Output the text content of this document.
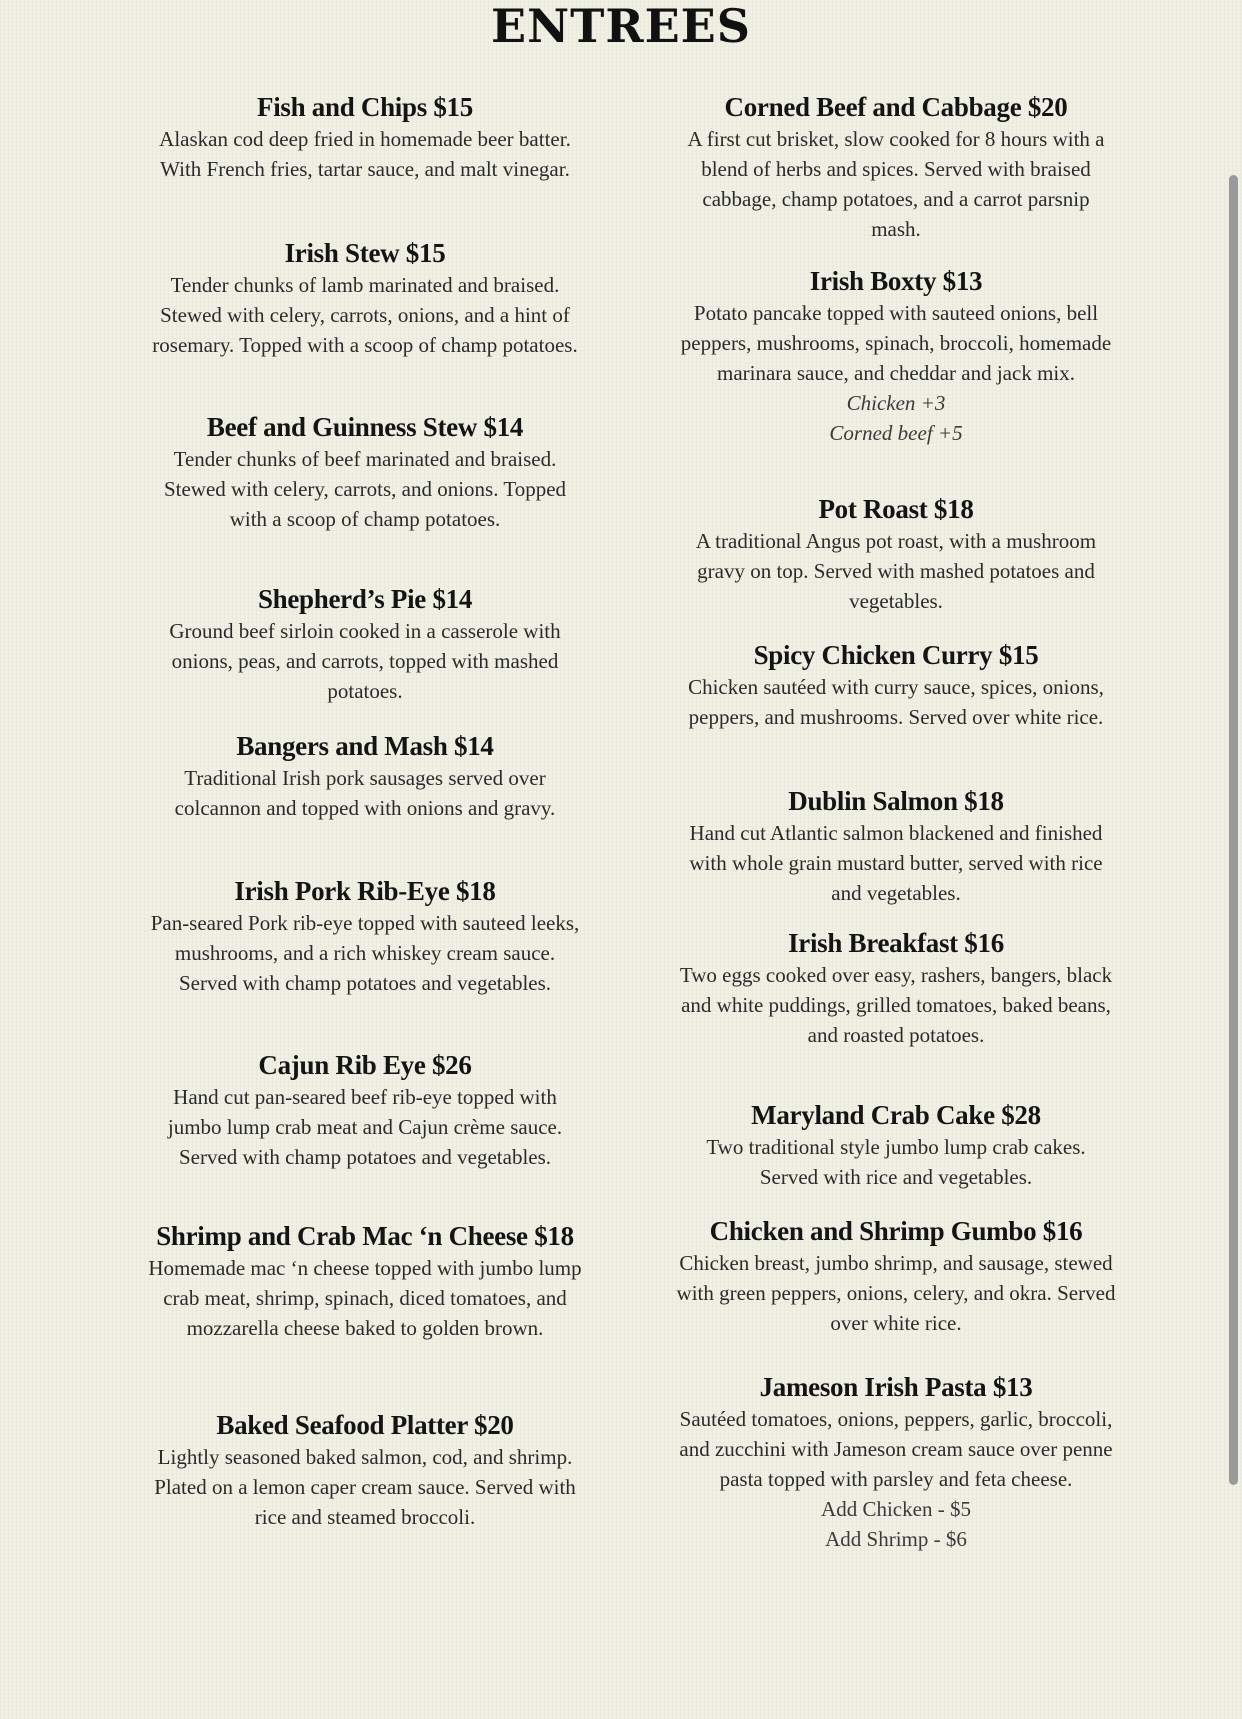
ENTREES
Fish and Chips $15
Alaskan cod deep fried in homemade beer batter. With French fries, tartar sauce, and malt vinegar.
Irish Stew $15
Tender chunks of lamb marinated and braised. Stewed with celery, carrots, onions, and a hint of rosemary. Topped with a scoop of champ potatoes.
Beef and Guinness Stew $14
Tender chunks of beef marinated and braised. Stewed with celery, carrots, and onions. Topped with a scoop of champ potatoes.
Shepherd’s Pie $14
Ground beef sirloin cooked in a casserole with onions, peas, and carrots, topped with mashed potatoes.
Bangers and Mash $14
Traditional Irish pork sausages served over colcannon and topped with onions and gravy.
Irish Pork Rib-Eye $18
Pan-seared Pork rib-eye topped with sauteed leeks, mushrooms, and a rich whiskey cream sauce. Served with champ potatoes and vegetables.
Cajun Rib Eye $26
Hand cut pan-seared beef rib-eye topped with jumbo lump crab meat and Cajun crème sauce. Served with champ potatoes and vegetables.
Shrimp and Crab Mac ‘n Cheese $18
Homemade mac ‘n cheese topped with jumbo lump crab meat, shrimp, spinach, diced tomatoes, and mozzarella cheese baked to golden brown.
Baked Seafood Platter $20
Lightly seasoned baked salmon, cod, and shrimp. Plated on a lemon caper cream sauce. Served with rice and steamed broccoli.
Corned Beef and Cabbage $20
A first cut brisket, slow cooked for 8 hours with a blend of herbs and spices. Served with braised cabbage, champ potatoes, and a carrot parsnip mash.
Irish Boxty $13
Potato pancake topped with sauteed onions, bell peppers, mushrooms, spinach, broccoli, homemade marinara sauce, and cheddar and jack mix.
Chicken +3
Corned beef +5
Pot Roast $18
A traditional Angus pot roast, with a mushroom gravy on top. Served with mashed potatoes and vegetables.
Spicy Chicken Curry $15
Chicken sautéed with curry sauce, spices, onions, peppers, and mushrooms. Served over white rice.
Dublin Salmon $18
Hand cut Atlantic salmon blackened and finished with whole grain mustard butter, served with rice and vegetables.
Irish Breakfast $16
Two eggs cooked over easy, rashers, bangers, black and white puddings, grilled tomatoes, baked beans, and roasted potatoes.
Maryland Crab Cake $28
Two traditional style jumbo lump crab cakes. Served with rice and vegetables.
Chicken and Shrimp Gumbo $16
Chicken breast, jumbo shrimp, and sausage, stewed with green peppers, onions, celery, and okra. Served over white rice.
Jameson Irish Pasta $13
Sautéed tomatoes, onions, peppers, garlic, broccoli, and zucchini with Jameson cream sauce over penne pasta topped with parsley and feta cheese.
Add Chicken - $5
Add Shrimp - $6
